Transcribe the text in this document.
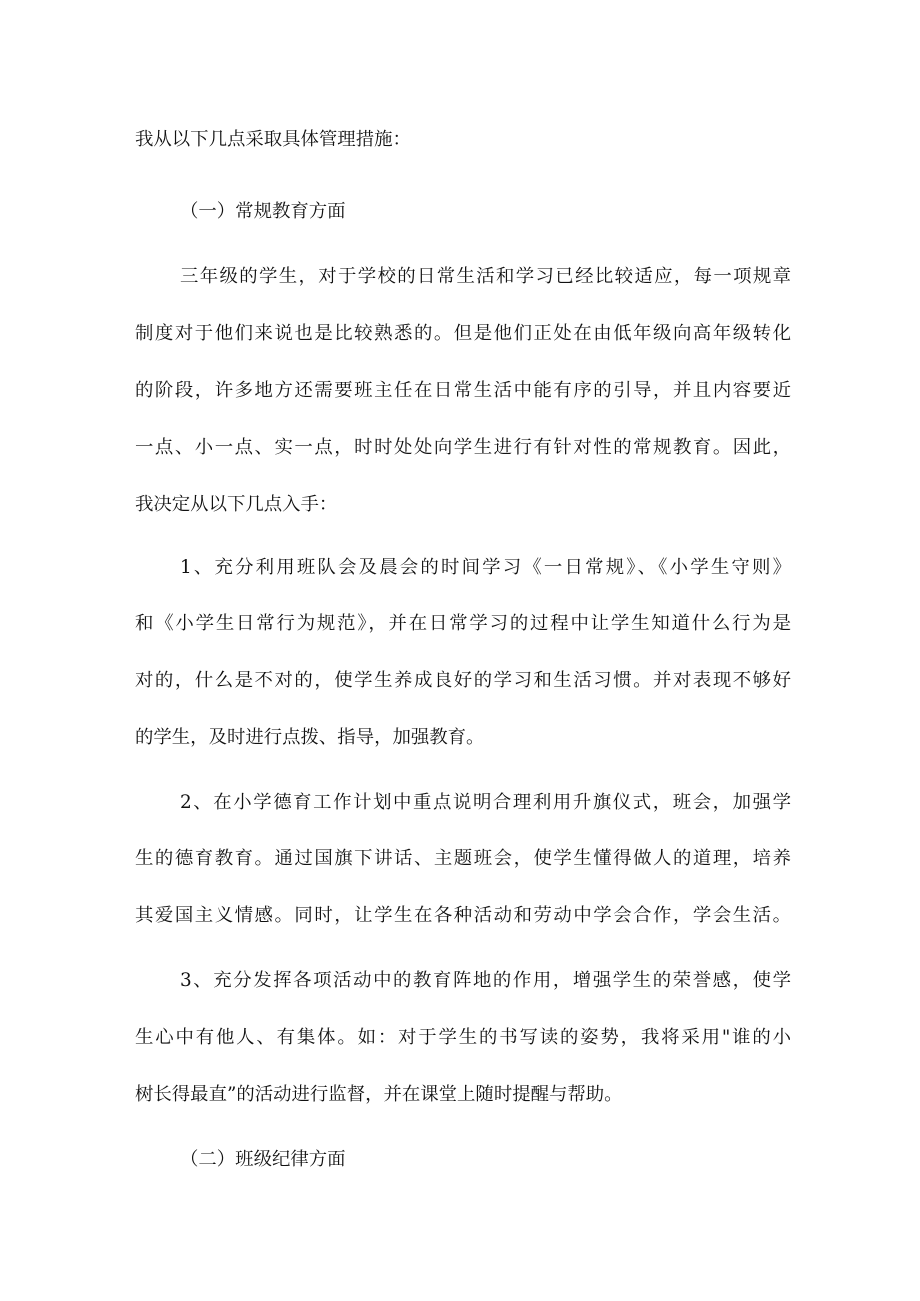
我从以下几点采取具体管理措施：
（一）常规教育方面
三年级的学生，对于学校的日常生活和学习已经比较适应，每一项规章
制度对于他们来说也是比较熟悉的。但是他们正处在由低年级向高年级转化
的阶段，许多地方还需要班主任在日常生活中能有序的引导，并且内容要近
一点、小一点、实一点，时时处处向学生进行有针对性的常规教育。因此，
我决定从以下几点入手：
1、充分利用班队会及晨会的时间学习《一日常规》、《小学生守则》
和《小学生日常行为规范》，并在日常学习的过程中让学生知道什么行为是
对的，什么是不对的，使学生养成良好的学习和生活习惯。并对表现不够好
的学生，及时进行点拨、指导，加强教育。
2、在小学德育工作计划中重点说明合理利用升旗仪式，班会，加强学
生的德育教育。通过国旗下讲话、主题班会，使学生懂得做人的道理，培养
其爱国主义情感。同时，让学生在各种活动和劳动中学会合作，学会生活。
3、充分发挥各项活动中的教育阵地的作用，增强学生的荣誉感，使学
生心中有他人、有集体。如：对于学生的书写读的姿势，我将采用"谁的小
树长得最直”的活动进行监督，并在课堂上随时提醒与帮助。
（二）班级纪律方面
